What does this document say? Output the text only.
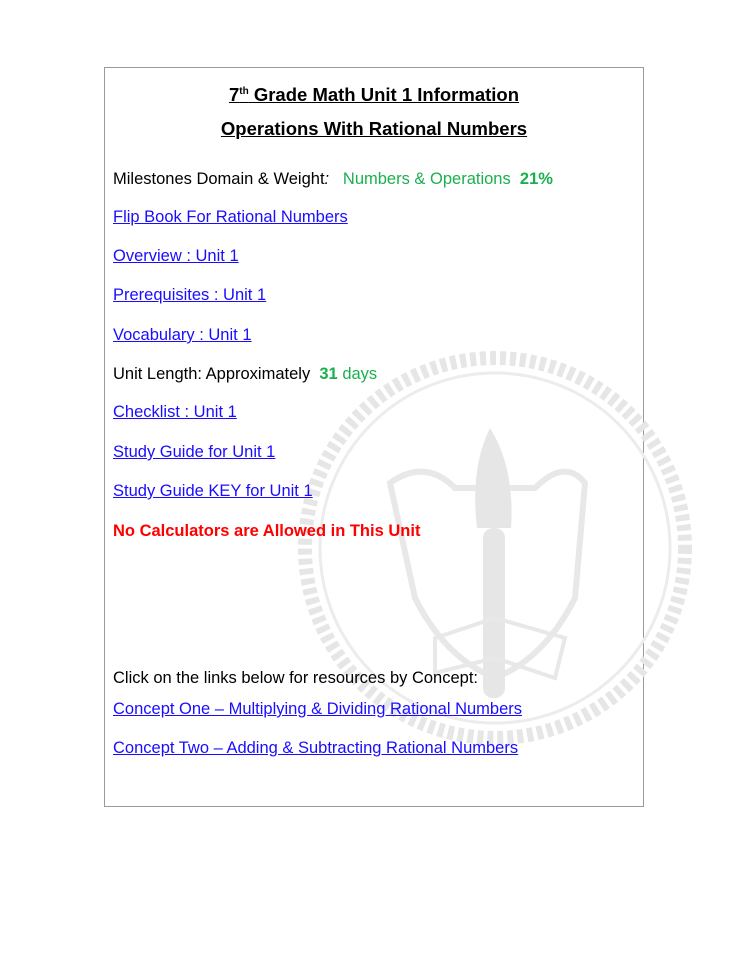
7th Grade Math Unit 1 Information
Operations With Rational Numbers
Milestones Domain & Weight: Numbers & Operations 21%
Flip Book For Rational Numbers
Overview : Unit 1
Prerequisites : Unit 1
Vocabulary : Unit 1
Unit Length: Approximately 31 days
Checklist : Unit 1
Study Guide for Unit 1
Study Guide KEY for Unit 1
No Calculators are Allowed in This Unit
Click on the links below for resources by Concept:
Concept One – Multiplying & Dividing Rational Numbers
Concept Two – Adding & Subtracting Rational Numbers
